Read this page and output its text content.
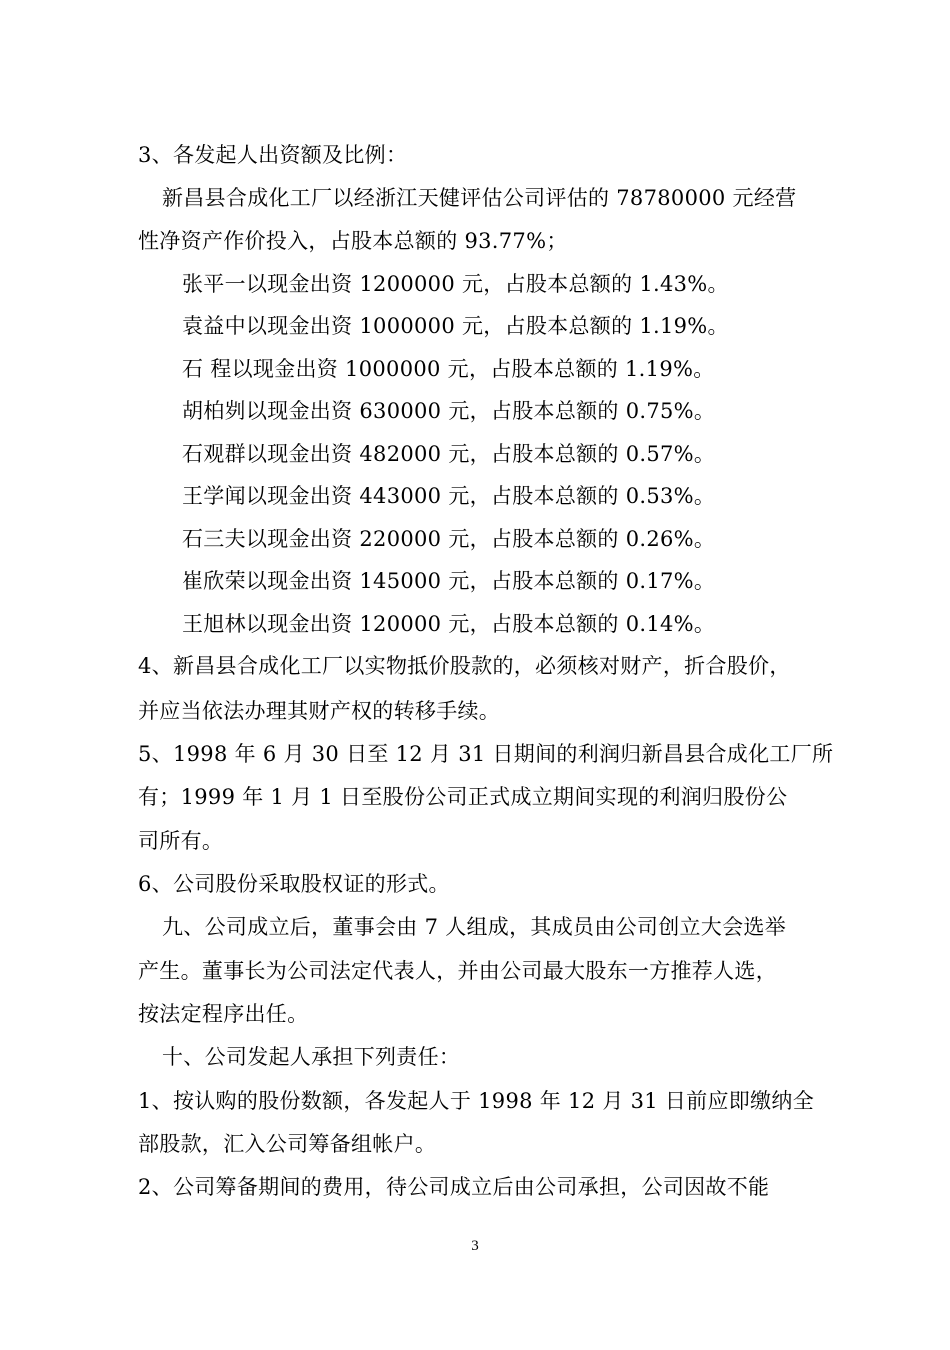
3、各发起人出资额及比例：
新昌县合成化工厂以经浙江天健评估公司评估的 78780000 元经营
性净资产作价投入，占股本总额的 93.77%；
张平一以现金出资 1200000 元，占股本总额的 1.43%。
袁益中以现金出资 1000000 元，占股本总额的 1.19%。
石 程以现金出资 1000000 元，占股本总额的 1.19%。
胡柏刿以现金出资 630000 元，占股本总额的 0.75%。
石观群以现金出资 482000 元，占股本总额的 0.57%。
王学闻以现金出资 443000 元，占股本总额的 0.53%。
石三夫以现金出资 220000 元，占股本总额的 0.26%。
崔欣荣以现金出资 145000 元，占股本总额的 0.17%。
王旭林以现金出资 120000 元，占股本总额的 0.14%。
4、新昌县合成化工厂以实物抵价股款的，必须核对财产，折合股价，
并应当依法办理其财产权的转移手续。
5、1998 年 6 月 30 日至 12 月 31 日期间的利润归新昌县合成化工厂所
有；1999 年 1 月 1 日至股份公司正式成立期间实现的利润归股份公
司所有。
6、公司股份采取股权证的形式。
九、公司成立后，董事会由 7 人组成，其成员由公司创立大会选举
产生。董事长为公司法定代表人，并由公司最大股东一方推荐人选，
按法定程序出任。
十、公司发起人承担下列责任：
1、按认购的股份数额，各发起人于 1998 年 12 月 31 日前应即缴纳全
部股款，汇入公司筹备组帐户。
2、公司筹备期间的费用，待公司成立后由公司承担，公司因故不能
3
